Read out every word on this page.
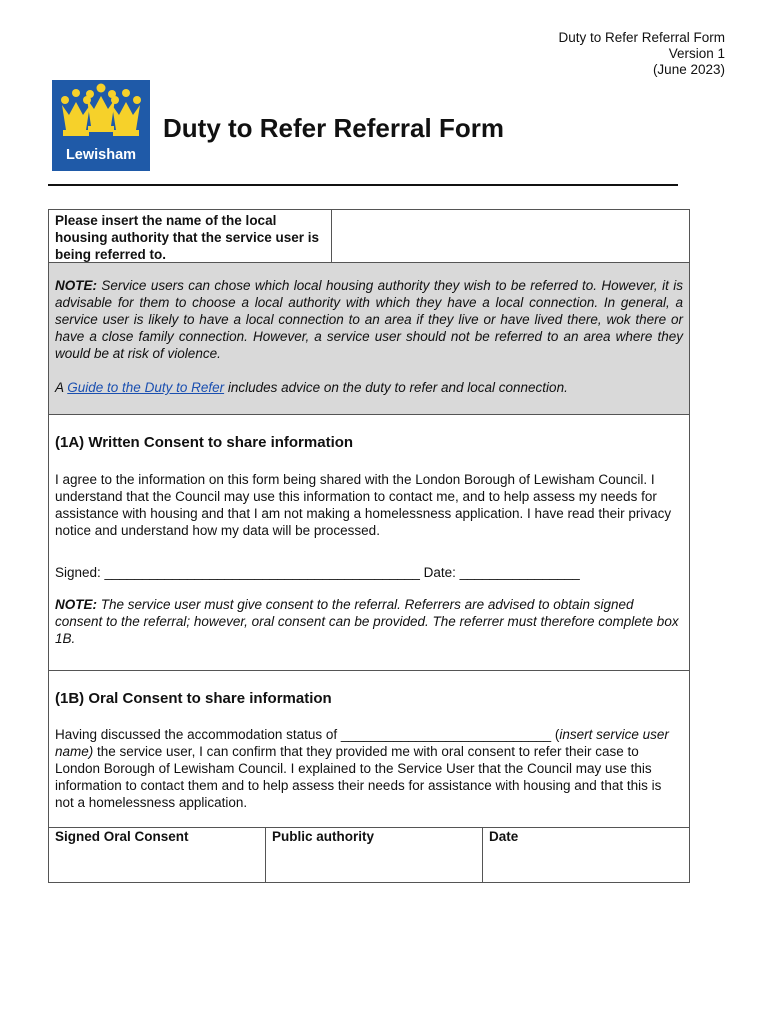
Duty to Refer Referral Form
Version 1
(June 2023)
Lewisham
Duty to Refer Referral Form
Please insert the name of the local housing authority that the service user is being referred to.

NOTE: Service users can chose which local housing authority they wish to be referred to. However, it is advisable for them to choose a local authority with which they have a local connection. In general, a service user is likely to have a local connection to an area if they live or have lived there, wok there or have a close family connection. However, a service user should not be referred to an area where they would be at risk of violence.

A Guide to the Duty to Refer includes advice on the duty to refer and local connection.

(1A) Written Consent to share information
I agree to the information on this form being shared with the London Borough of Lewisham Council. I understand that the Council may use this information to contact me, and to help assess my needs for assistance with housing and that I am not making a homelessness application. I have read their privacy notice and understand how my data will be processed.
Signed: __________________________________________ Date: ________________
NOTE: The service user must give consent to the referral. Referrers are advised to obtain signed consent to the referral; however, oral consent can be provided. The referrer must therefore complete box 1B.
(1B) Oral Consent to share information
Having discussed the accommodation status of ____________________________ (insert service user name) the service user, I can confirm that they provided me with oral consent to refer their case to London Borough of Lewisham Council. I explained to the Service User that the Council may use this information to contact them and to help assess their needs for assistance with housing and that this is not a homelessness application.
Signed Oral Consent	Public authority	Date
